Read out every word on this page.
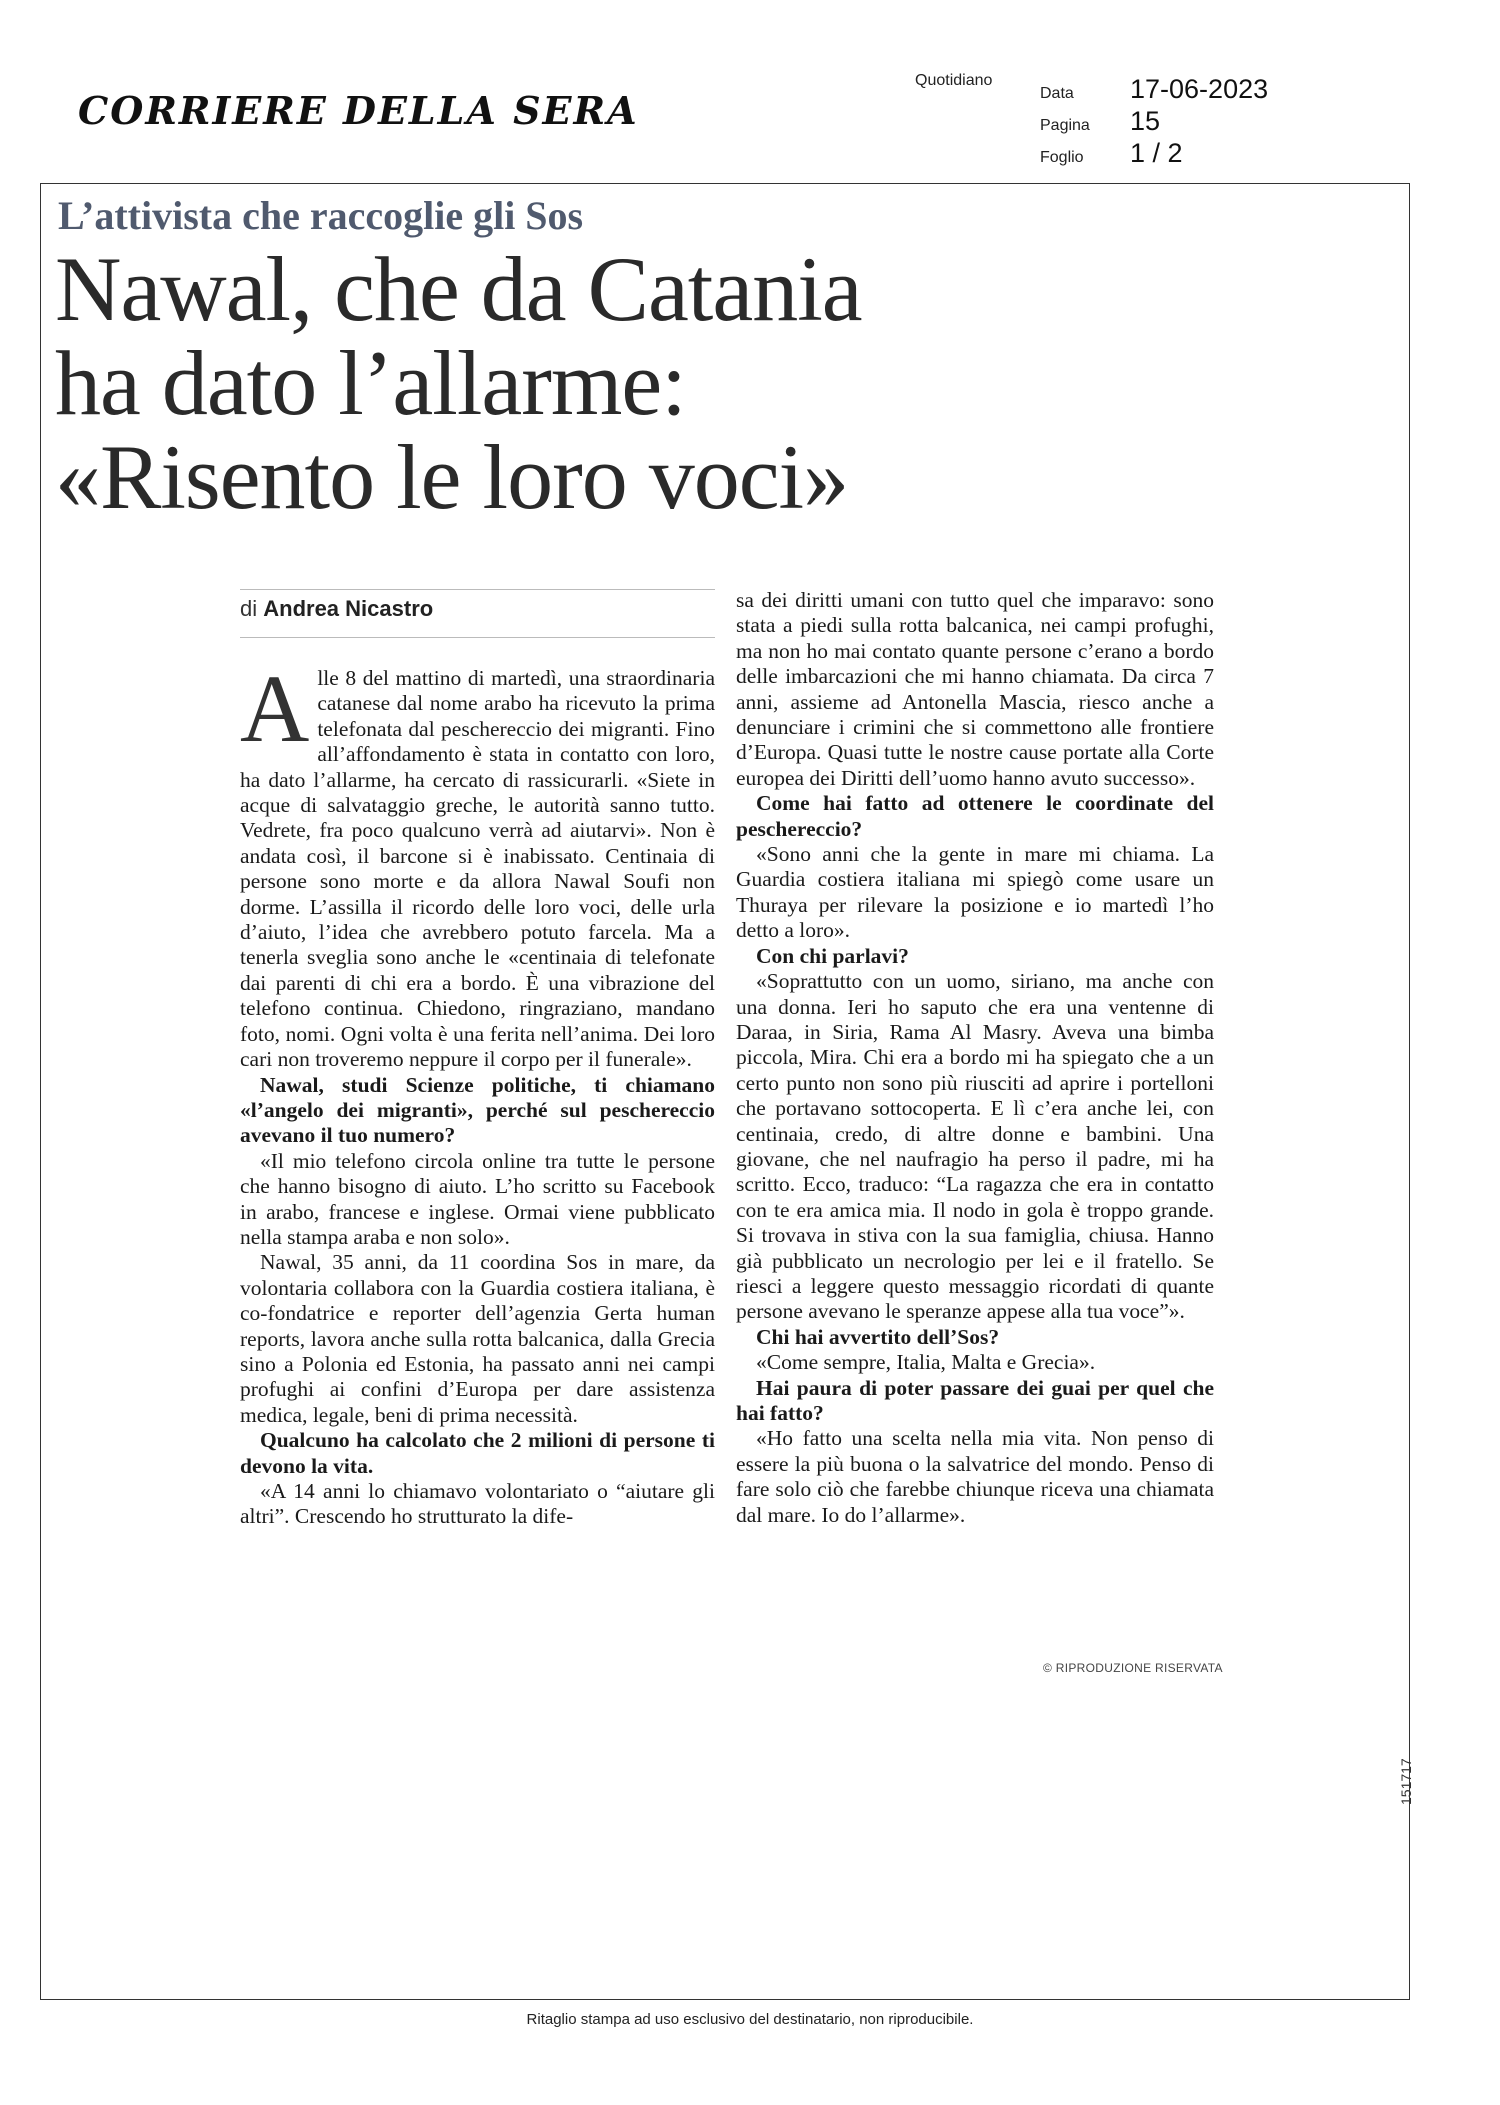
CORRIERE DELLA SERA
Quotidiano
Data 17-06-2023
Pagina 15
Foglio 1 / 2
L’attivista che raccoglie gli Sos
Nawal, che da Catania
ha dato l’allarme:
«Risento le loro voci»
di Andrea Nicastro

Alle 8 del mattino di martedì, una straordinaria catanese dal nome arabo ha ricevuto la prima telefonata dal peschereccio dei migranti. Fino all’affondamento è stata in contatto con loro, ha dato l’allarme, ha cercato di rassicurarli. «Siete in acque di salvataggio greche, le autorità sanno tutto. Vedrete, fra poco qualcuno verrà ad aiutarvi». Non è andata così, il barcone si è inabissato. Centinaia di persone sono morte e da allora Nawal Soufi non dorme. L’assilla il ricordo delle loro voci, delle urla d’aiuto, l’idea che avrebbero potuto farcela. Ma a tenerla sveglia sono anche le «centinaia di telefonate dai parenti di chi era a bordo. È una vibrazione del telefono continua. Chiedono, ringraziano, mandano foto, nomi. Ogni volta è una ferita nell’anima. Dei loro cari non troveremo neppure il corpo per il funerale».

Nawal, studi Scienze politiche, ti chiamano «l’angelo dei migranti», perché sul peschereccio avevano il tuo numero?

«Il mio telefono circola online tra tutte le persone che hanno bisogno di aiuto. L’ho scritto su Facebook in arabo, francese e inglese. Ormai viene pubblicato nella stampa araba e non solo».

Nawal, 35 anni, da 11 coordina Sos in mare, da volontaria collabora con la Guardia costiera italiana, è co-fondatrice e reporter dell’agenzia Gerta human reports, lavora anche sulla rotta balcanica, dalla Grecia sino a Polonia ed Estonia, ha passato anni nei campi profughi ai confini d’Europa per dare assistenza medica, legale, beni di prima necessità.

Qualcuno ha calcolato che 2 milioni di persone ti devono la vita.

«A 14 anni lo chiamavo volontariato o “aiutare gli altri”. Crescendo ho strutturato la dife-

sa dei diritti umani con tutto quel che imparavo: sono stata a piedi sulla rotta balcanica, nei campi profughi, ma non ho mai contato quante persone c’erano a bordo delle imbarcazioni che mi hanno chiamata. Da circa 7 anni, assieme ad Antonella Mascia, riesco anche a denunciare i crimini che si commettono alle frontiere d’Europa. Quasi tutte le nostre cause portate alla Corte europea dei Diritti dell’uomo hanno avuto successo».

Come hai fatto ad ottenere le coordinate del peschereccio?

«Sono anni che la gente in mare mi chiama. La Guardia costiera italiana mi spiegò come usare un Thuraya per rilevare la posizione e io martedì l’ho detto a loro».

Con chi parlavi?

«Soprattutto con un uomo, siriano, ma anche con una donna. Ieri ho saputo che era una ventenne di Daraa, in Siria, Rama Al Masry. Aveva una bimba piccola, Mira. Chi era a bordo mi ha spiegato che a un certo punto non sono più riusciti ad aprire i portelloni che portavano sottocoperta. E lì c’era anche lei, con centinaia, credo, di altre donne e bambini. Una giovane, che nel naufragio ha perso il padre, mi ha scritto. Ecco, traduco: “La ragazza che era in contatto con te era amica mia. Il nodo in gola è troppo grande. Si trovava in stiva con la sua famiglia, chiusa. Hanno già pubblicato un necrologio per lei e il fratello. Se riesci a leggere questo messaggio ricordati di quante persone avevano le speranze appese alla tua voce”».

Chi hai avvertito dell’Sos?

«Come sempre, Italia, Malta e Grecia».

Hai paura di poter passare dei guai per quel che hai fatto?

«Ho fatto una scelta nella mia vita. Non penso di essere la più buona o la salvatrice del mondo. Penso di fare solo ciò che farebbe chiunque riceva una chiamata dal mare. Io do l’allarme».

© RIPRODUZIONE RISERVATA
151717
Ritaglio stampa ad uso esclusivo del destinatario, non riproducibile.
